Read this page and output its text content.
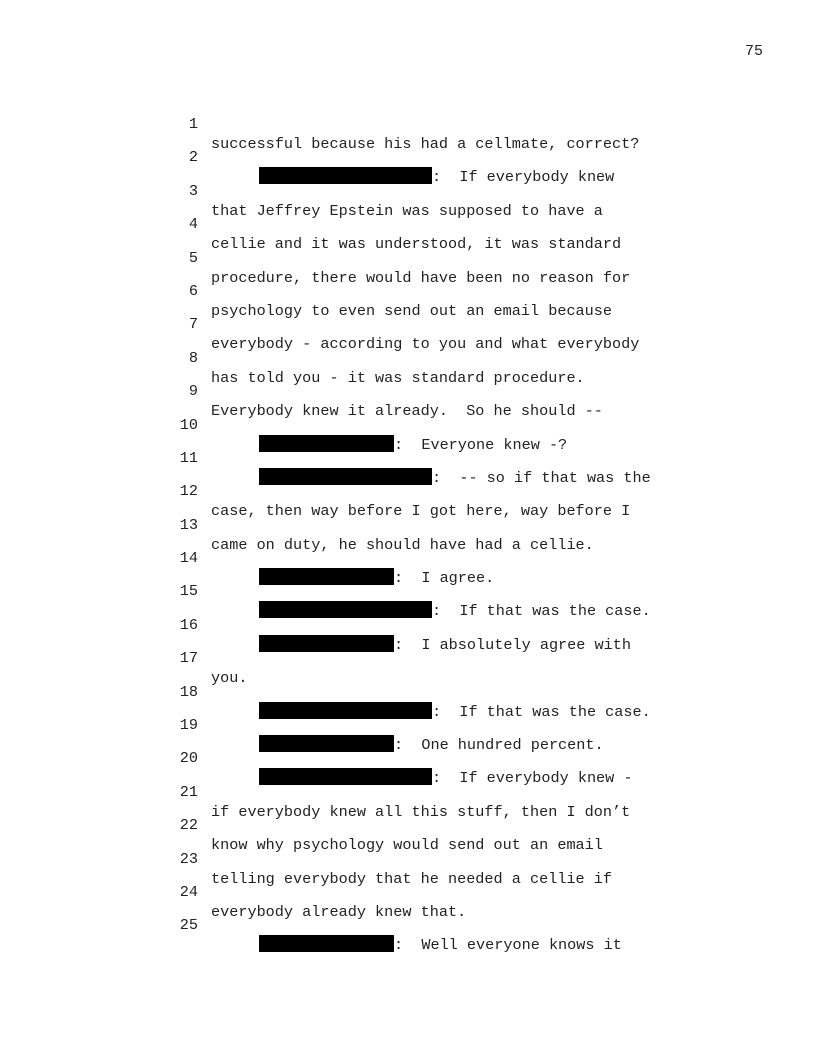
75

1

successful because his had a cellmate, correct?

2

:  If everybody knew

3

that Jeffrey Epstein was supposed to have a

4

cellie and it was understood, it was standard

5

procedure, there would have been no reason for

6

psychology to even send out an email because

7

everybody - according to you and what everybody

8

has told you - it was standard procedure.

9

Everybody knew it already.  So he should --

10

:  Everyone knew -?

11

:  -- so if that was the

12

case, then way before I got here, way before I

13

came on duty, he should have had a cellie.

14

:  I agree.

15

:  If that was the case.

16

:  I absolutely agree with

17

you.

18

:  If that was the case.

19

:  One hundred percent.

20

:  If everybody knew -

21

if everybody knew all this stuff, then I don’t

22

know why psychology would send out an email

23

telling everybody that he needed a cellie if

24

everybody already knew that.

25

:  Well everyone knows it
